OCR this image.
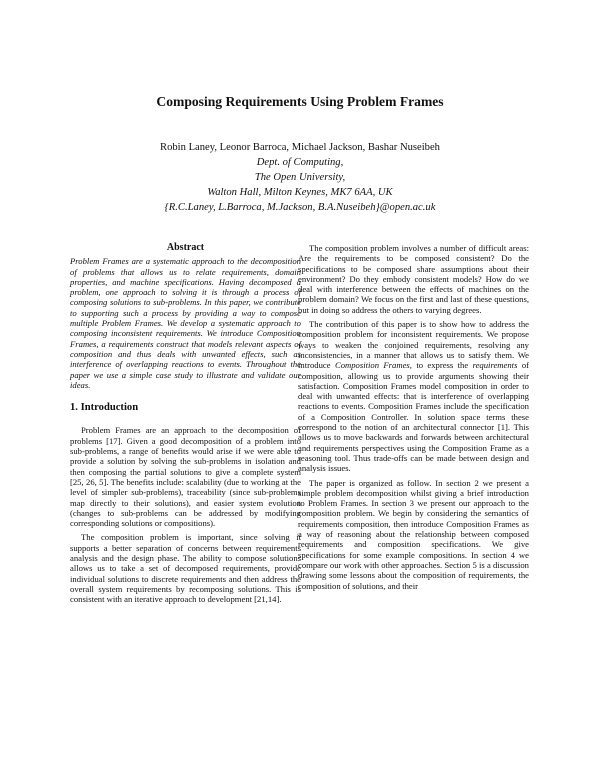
Composing Requirements Using Problem Frames
Robin Laney, Leonor Barroca, Michael Jackson, Bashar Nuseibeh
Dept. of Computing,
The Open University,
Walton Hall, Milton Keynes, MK7 6AA, UK
{R.C.Laney, L.Barroca, M.Jackson, B.A.Nuseibeh}@open.ac.uk
Abstract

Problem Frames are a systematic approach to the decomposition of problems that allows us to relate requirements, domain properties, and machine specifications. Having decomposed a problem, one approach to solving it is through a process of composing solutions to sub-problems. In this paper, we contribute to supporting such a process by providing a way to compose multiple Problem Frames. We develop a systematic approach to composing inconsistent requirements. We introduce Composition Frames, a requirements construct that models relevant aspects of composition and thus deals with unwanted effects, such as interference of overlapping reactions to events. Throughout the paper we use a simple case study to illustrate and validate our ideas.

1. Introduction

Problem Frames are an approach to the decomposition of problems [17]. Given a good decomposition of a problem into sub-problems, a range of benefits would arise if we were able to provide a solution by solving the sub-problems in isolation and then composing the partial solutions to give a complete system [25, 26, 5]. The benefits include: scalability (due to working at the level of simpler sub-problems), traceability (since sub-problems map directly to their solutions), and easier system evolution (changes to sub-problems can be addressed by modifying corresponding solutions or compositions).

The composition problem is important, since solving it supports a better separation of concerns between requirements analysis and the design phase. The ability to compose solutions allows us to take a set of decomposed requirements, provide individual solutions to discrete requirements and then address the overall system requirements by recomposing solutions. This is consistent with an iterative approach to development [21,14].

The composition problem involves a number of difficult areas: Are the requirements to be composed consistent? Do the specifications to be composed share assumptions about their environment? Do they embody consistent models? How do we deal with interference between the effects of machines on the problem domain? We focus on the first and last of these questions, but in doing so address the others to varying degrees.

The contribution of this paper is to show how to address the composition problem for inconsistent requirements. We propose ways to weaken the conjoined requirements, resolving any inconsistencies, in a manner that allows us to satisfy them. We introduce Composition Frames, to express the requirements of composition, allowing us to provide arguments showing their satisfaction. Composition Frames model composition in order to deal with unwanted effects: that is interference of overlapping reactions to events. Composition Frames include the specification of a Composition Controller. In solution space terms these correspond to the notion of an architectural connector [1]. This allows us to move backwards and forwards between architectural and requirements perspectives using the Composition Frame as a reasoning tool. Thus trade-offs can be made between design and analysis issues.

The paper is organized as follow. In section 2 we present a simple problem decomposition whilst giving a brief introduction to Problem Frames. In section 3 we present our approach to the composition problem. We begin by considering the semantics of requirements composition, then introduce Composition Frames as a way of reasoning about the relationship between composed requirements and composition specifications. We give specifications for some example compositions. In section 4 we compare our work with other approaches. Section 5 is a discussion drawing some lessons about the composition of requirements, the composition of solutions, and their
